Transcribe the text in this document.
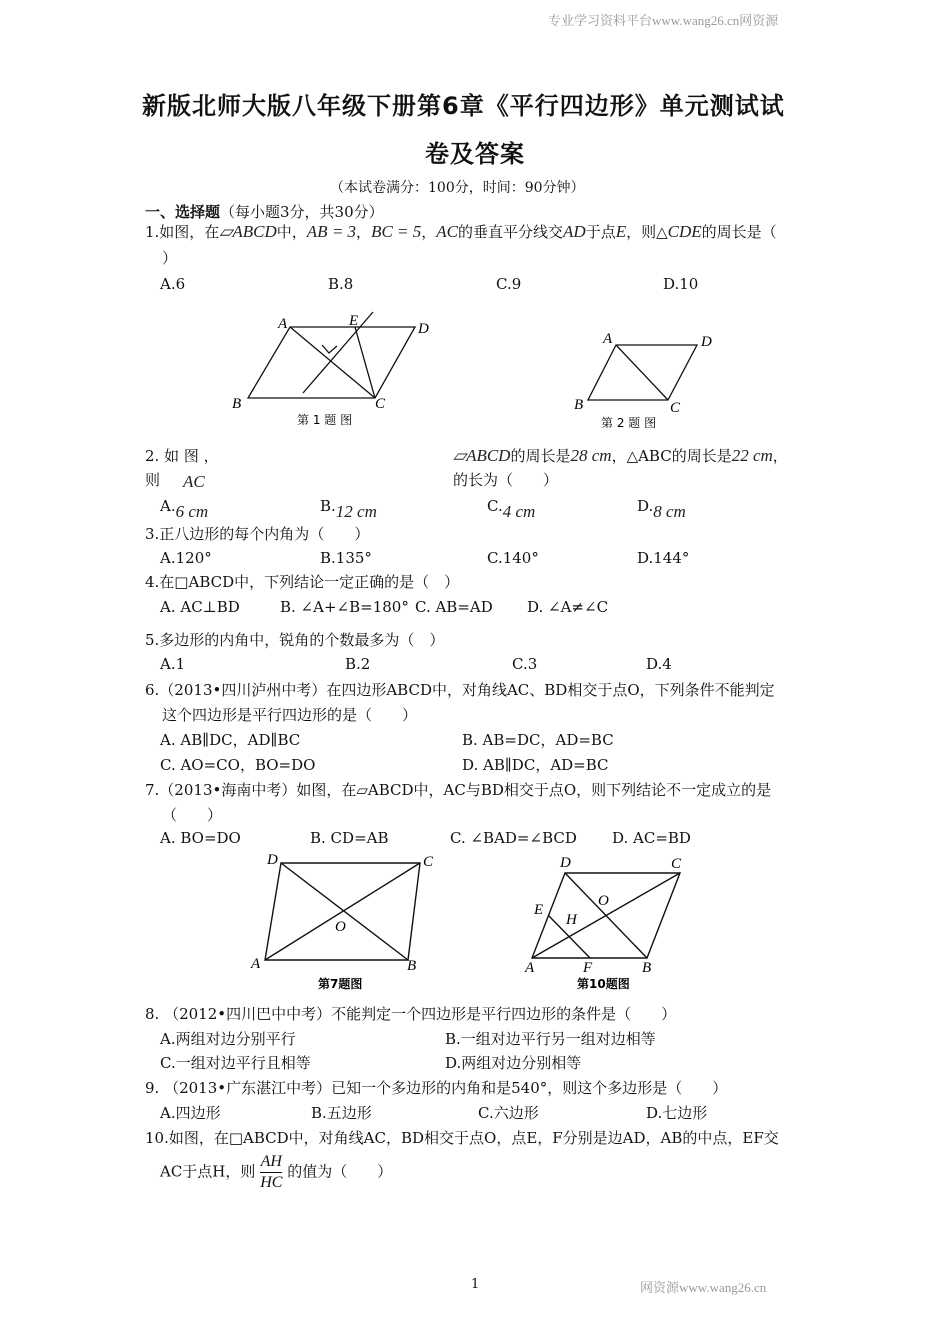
专业学习资料平台www.wang26.cn网资源
新版北师大版八年级下册第6章《平行四边形》单元测试试
卷及答案
（本试卷满分：100分，时间：90分钟）
一、选择题（每小题3分，共30分）
1.如图，在▱ABCD中，AB = 3，BC = 5，AC的垂直平分线交AD于点E，则△CDE的周长是（
）
A.6	B.8	C.9	D.10
A	E	D
B	C
第 1 题 图
A	D
B	C
第 2 题 图
2. 如 图 ，
则 AC
▱ABCD的周长是28 cm，△ABC的周长是22 cm，
的长为（　　）
A.6 cm	B.12 cm	C.4 cm	D.8 cm
3.正八边形的每个内角为（　　）
A.120°	B.135°	C.140°	D.144°
4.在□ABCD中，下列结论一定正确的是（　）
A. AC⊥BD	B. ∠A+∠B=180° C. AB=AD D. ∠A≠∠C
5.多边形的内角中，锐角的个数最多为（　）
A.1	B.2	C.3	D.4
6.（2013•四川泸州中考）在四边形ABCD中，对角线AC、BD相交于点O，下列条件不能判定
这个四边形是平行四边形的是（　　）
A. AB∥DC，AD∥BC	B. AB=DC，AD=BC
C. AO=CO，BO=DO	D. AB∥DC，AD=BC
7.（2013•海南中考）如图，在▱ABCD中，AC与BD相交于点O，则下列结论不一定成立的是
（　　）
A. BO=DO	B. CD=AB	C. ∠BAD=∠BCD D. AC=BD
D	C
O
A	B
第7题图
D	C
O
E
H
A	F	B
第10题图
8. （2012•四川巴中中考）不能判定一个四边形是平行四边形的条件是（　　）
A.两组对边分别平行	B.一组对边平行另一组对边相等
C.一组对边平行且相等	D.两组对边分别相等
9. （2013•广东湛江中考）已知一个多边形的内角和是540°，则这个多边形是（　　）
A.四边形	B.五边形	C.六边形	D.七边形
10.如图，在□ABCD中，对角线AC，BD相交于点O，点E，F分别是边AD，AB的中点，EF交
AC于点H，则 $\frac{AH}{HC}$ 的值为（　　）
1	网资源www.wang26.cn
